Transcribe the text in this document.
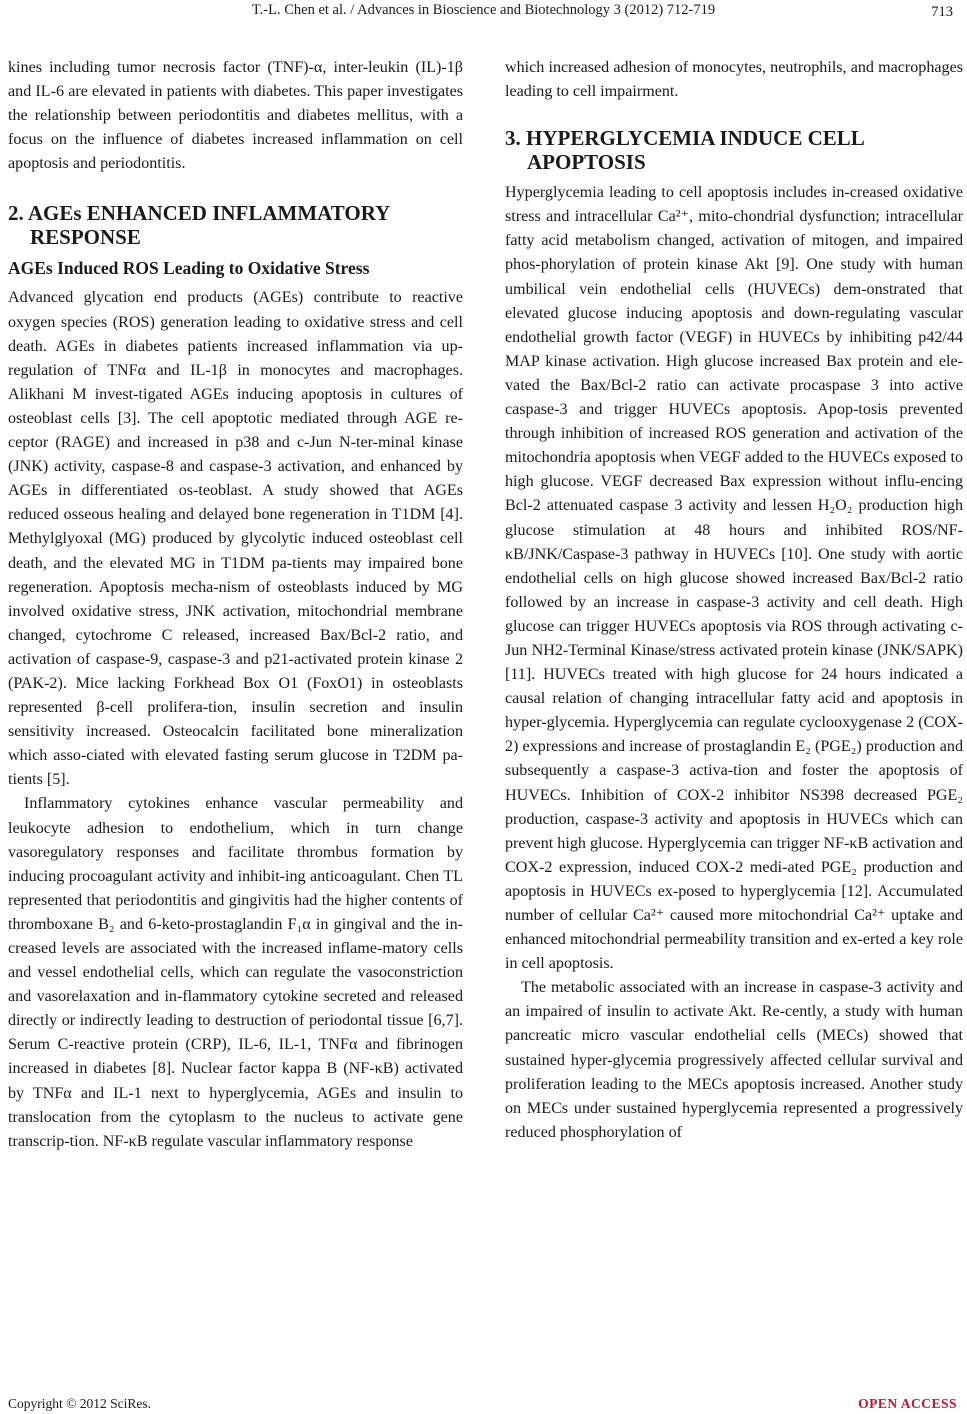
T.-L. Chen et al. / Advances in Bioscience and Biotechnology 3 (2012) 712-719	713

kines including tumor necrosis factor (TNF)-α, inter-leukin (IL)-1β and IL-6 are elevated in patients with diabetes. This paper investigates the relationship between periodontitis and diabetes mellitus, with a focus on the influence of diabetes increased inflammation on cell apoptosis and periodontitis.

2. AGEs ENHANCED INFLAMMATORY RESPONSE
AGEs Induced ROS Leading to Oxidative Stress

Advanced glycation end products (AGEs) contribute to reactive oxygen species (ROS) generation leading to oxidative stress and cell death. AGEs in diabetes patients increased inflammation via up-regulation of TNFα and IL-1β in monocytes and macrophages. Alikhani M invest-tigated AGEs inducing apoptosis in cultures of osteoblast cells [3]. The cell apoptotic mediated through AGE re-ceptor (RAGE) and increased in p38 and c-Jun N-ter-minal kinase (JNK) activity, caspase-8 and caspase-3 activation, and enhanced by AGEs in differentiated os-teoblast. A study showed that AGEs reduced osseous healing and delayed bone regeneration in T1DM [4]. Methylglyoxal (MG) produced by glycolytic induced osteoblast cell death, and the elevated MG in T1DM pa-tients may impaired bone regeneration. Apoptosis mecha-nism of osteoblasts induced by MG involved oxidative stress, JNK activation, mitochondrial membrane changed, cytochrome C released, increased Bax/Bcl-2 ratio, and activation of caspase-9, caspase-3 and p21-activated protein kinase 2 (PAK-2). Mice lacking Forkhead Box O1 (FoxO1) in osteoblasts represented β-cell prolifera-tion, insulin secretion and insulin sensitivity increased. Osteocalcin facilitated bone mineralization which asso-ciated with elevated fasting serum glucose in T2DM pa-tients [5].

Inflammatory cytokines enhance vascular permeability and leukocyte adhesion to endothelium, which in turn change vasoregulatory responses and facilitate thrombus formation by inducing procoagulant activity and inhibit-ing anticoagulant. Chen TL represented that periodontitis and gingivitis had the higher contents of thromboxane B₂ and 6-keto-prostaglandin F₁α in gingival and the in-creased levels are associated with the increased inflame-matory cells and vessel endothelial cells, which can regulate the vasoconstriction and vasorelaxation and in-flammatory cytokine secreted and released directly or indirectly leading to destruction of periodontal tissue [6,7]. Serum C-reactive protein (CRP), IL-6, IL-1, TNFα and fibrinogen increased in diabetes [8]. Nuclear factor kappa B (NF-κB) activated by TNFα and IL-1 next to hyperglycemia, AGEs and insulin to translocation from the cytoplasm to the nucleus to activate gene transcrip-tion. NF-κB regulate vascular inflammatory response

which increased adhesion of monocytes, neutrophils, and macrophages leading to cell impairment.

3. HYPERGLYCEMIA INDUCE CELL APOPTOSIS

Hyperglycemia leading to cell apoptosis includes in-creased oxidative stress and intracellular Ca²⁺, mito-chondrial dysfunction; intracellular fatty acid metabolism changed, activation of mitogen, and impaired phos-phorylation of protein kinase Akt [9]. One study with human umbilical vein endothelial cells (HUVECs) dem-onstrated that elevated glucose inducing apoptosis and down-regulating vascular endothelial growth factor (VEGF) in HUVECs by inhibiting p42/44 MAP kinase activation. High glucose increased Bax protein and ele-vated the Bax/Bcl-2 ratio can activate procaspase 3 into active caspase-3 and trigger HUVECs apoptosis. Apop-tosis prevented through inhibition of increased ROS generation and activation of the mitochondria apoptosis when VEGF added to the HUVECs exposed to high glucose. VEGF decreased Bax expression without influ-encing Bcl-2 attenuated caspase 3 activity and lessen H₂O₂ production high glucose stimulation at 48 hours and inhibited ROS/NF-κB/JNK/Caspase-3 pathway in HUVECs [10]. One study with aortic endothelial cells on high glucose showed increased Bax/Bcl-2 ratio followed by an increase in caspase-3 activity and cell death. High glucose can trigger HUVECs apoptosis via ROS through activating c-Jun NH2-Terminal Kinase/stress activated protein kinase (JNK/SAPK) [11]. HUVECs treated with high glucose for 24 hours indicated a causal relation of changing intracellular fatty acid and apoptosis in hyper-glycemia. Hyperglycemia can regulate cyclooxygenase 2 (COX-2) expressions and increase of prostaglandin E₂ (PGE₂) production and subsequently a caspase-3 activa-tion and foster the apoptosis of HUVECs. Inhibition of COX-2 inhibitor NS398 decreased PGE₂ production, caspase-3 activity and apoptosis in HUVECs which can prevent high glucose. Hyperglycemia can trigger NF-κB activation and COX-2 expression, induced COX-2 medi-ated PGE₂ production and apoptosis in HUVECs ex-posed to hyperglycemia [12]. Accumulated number of cellular Ca²⁺ caused more mitochondrial Ca²⁺ uptake and enhanced mitochondrial permeability transition and ex-erted a key role in cell apoptosis.

The metabolic associated with an increase in caspase-3 activity and an impaired of insulin to activate Akt. Re-cently, a study with human pancreatic micro vascular endothelial cells (MECs) showed that sustained hyper-glycemia progressively affected cellular survival and proliferation leading to the MECs apoptosis increased. Another study on MECs under sustained hyperglycemia represented a progressively reduced phosphorylation of

Copyright © 2012 SciRes.	OPEN ACCESS
